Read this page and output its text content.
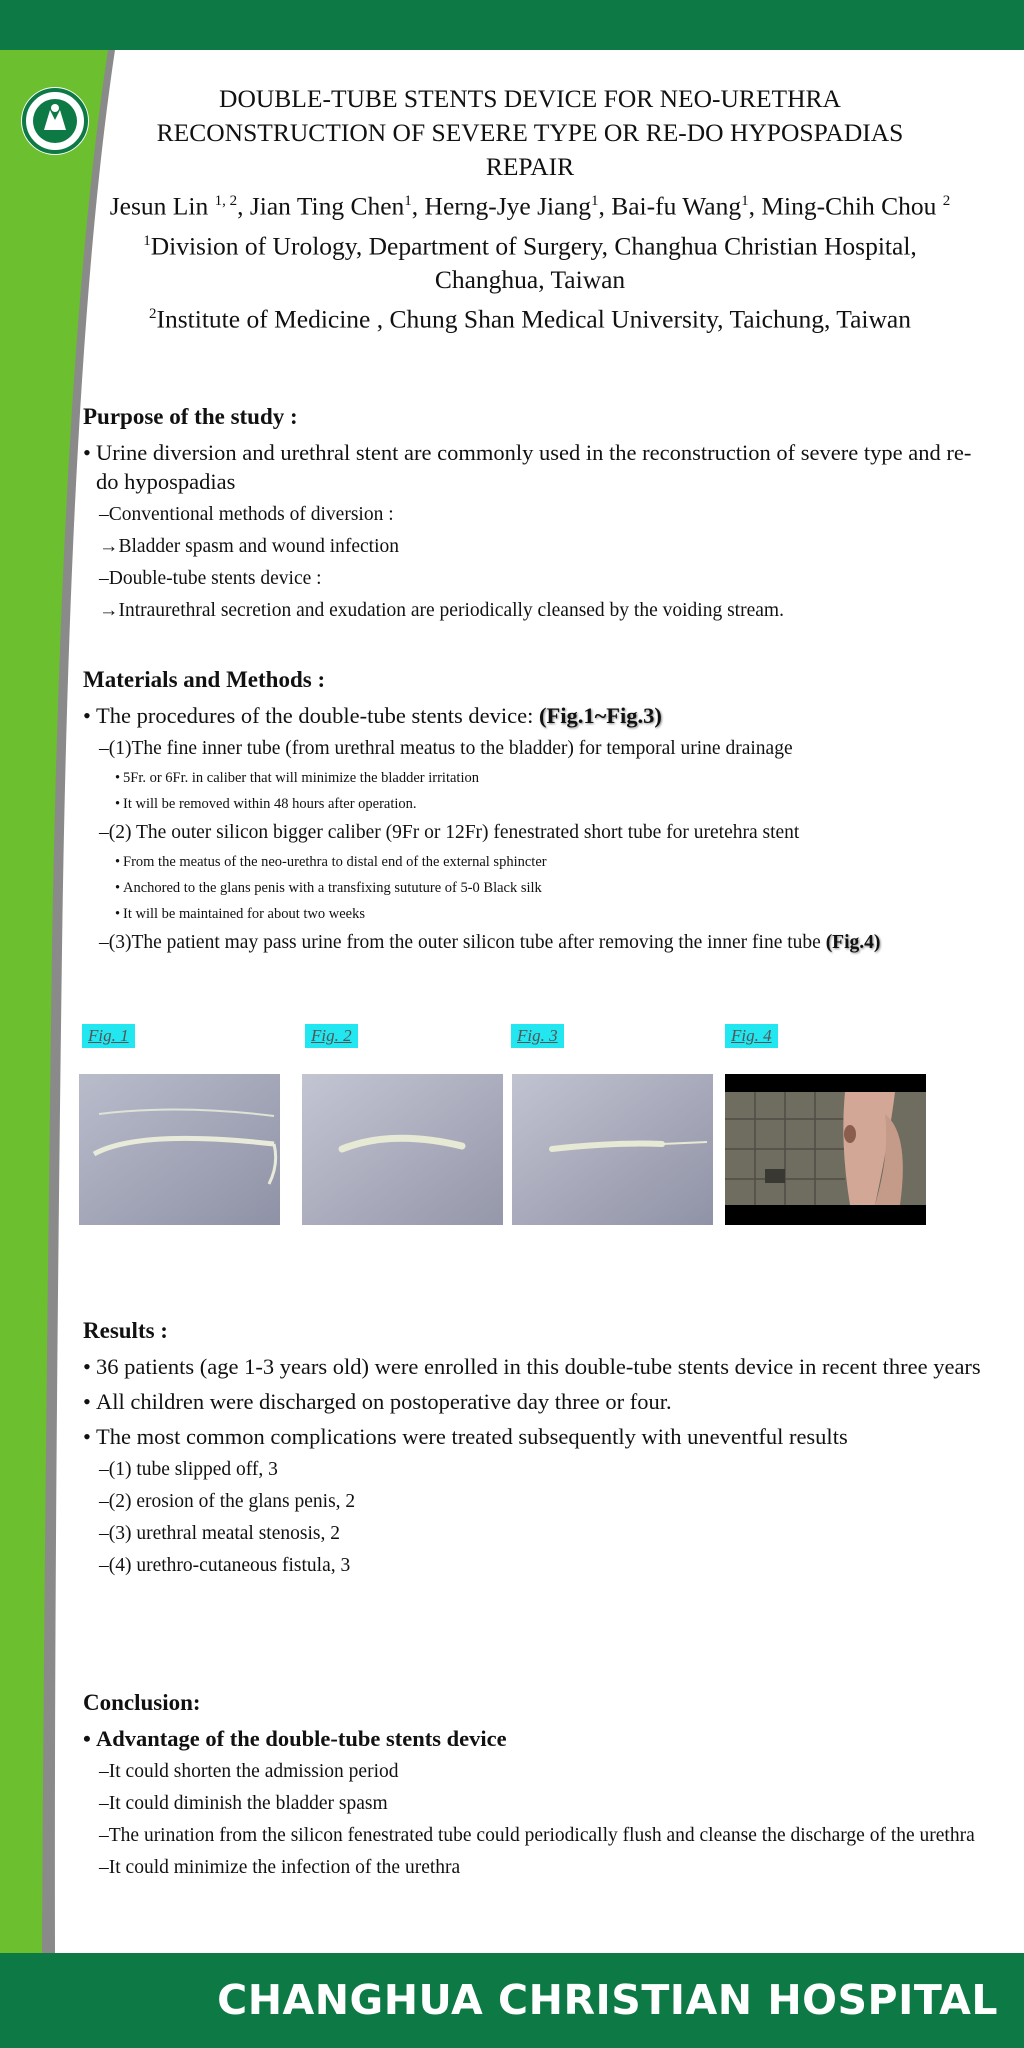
DOUBLE-TUBE STENTS DEVICE FOR NEO-URETHRA
RECONSTRUCTION OF SEVERE TYPE OR RE-DO HYPOSPADIAS
REPAIR
Jesun Lin $^{1, 2}$, Jian Ting Chen$^1$, Herng-Jye Jiang$^1$, Bai-fu Wang$^1$, Ming-Chih Chou $^2$
$^1$Division of Urology, Department of Surgery, Changhua Christian Hospital, Changhua, Taiwan
$^2$Institute of Medicine , Chung Shan Medical University, Taichung, Taiwan
Purpose of the study :
• Urine diversion and urethral stent are commonly used in the reconstruction of severe type and re-do hypospadias
–Conventional methods of diversion :
→Bladder spasm and wound infection
–Double-tube stents device :
→Intraurethral secretion and exudation are periodically cleansed by the voiding stream.
Materials and Methods :
• The procedures of the double-tube stents device: (Fig.1~Fig.3)
–(1)The fine inner tube (from urethral meatus to the bladder) for temporal urine drainage
• 5Fr. or 6Fr. in caliber that will minimize the bladder irritation
• It will be removed within 48 hours after operation.
–(2) The outer silicon bigger caliber (9Fr or 12Fr) fenestrated short tube for uretehra stent
• From the meatus of the neo-urethra to distal end of the external sphincter
• Anchored to the glans penis with a transfixing sututure of 5-0 Black silk
• It will be maintained for about two weeks
–(3)The patient may pass urine from the outer silicon tube after removing the inner fine tube (Fig.4)
Fig. 1	Fig. 2	Fig. 3	Fig. 4
Results :
• 36 patients (age 1-3 years old) were enrolled in this double-tube stents device in recent three years
• All children were discharged on postoperative day three or four.
• The most common complications were treated subsequently with uneventful results
–(1) tube slipped off, 3
–(2) erosion of the glans penis, 2
–(3) urethral meatal stenosis, 2
–(4) urethro-cutaneous fistula, 3
Conclusion:
• Advantage of the double-tube stents device
–It could shorten the admission period
–It could diminish the bladder spasm
–The urination from the silicon fenestrated tube could periodically flush and cleanse the discharge of the urethra
–It could minimize the infection of the urethra
CHANGHUA CHRISTIAN HOSPITAL
